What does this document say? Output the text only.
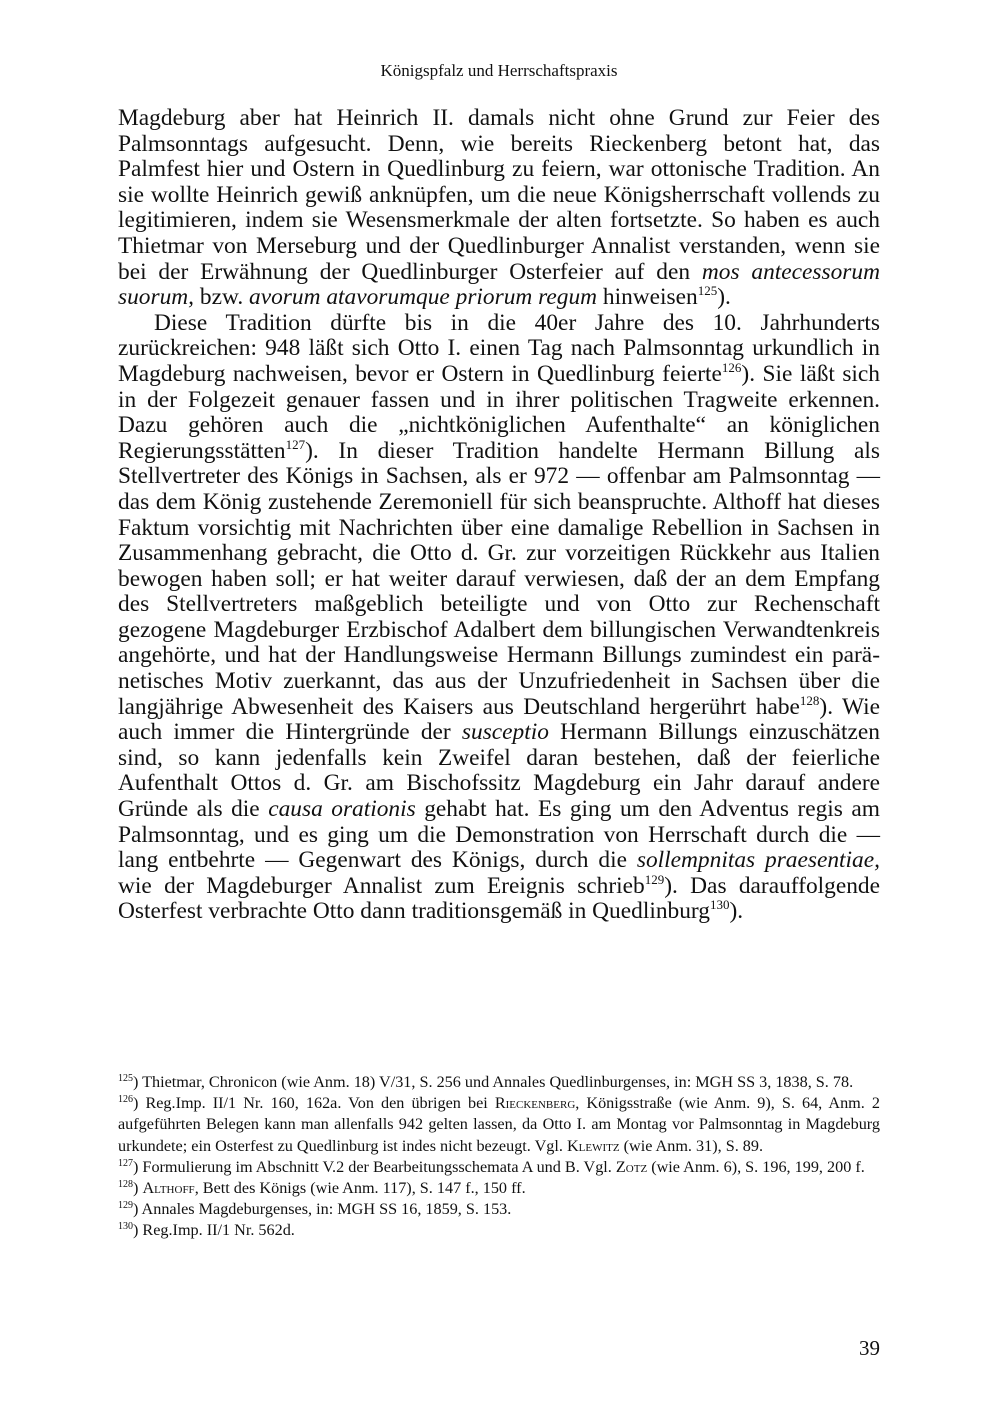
Königspfalz und Herrschaftspraxis

Magdeburg aber hat Heinrich II. damals nicht ohne Grund zur Feier des Palmsonntags aufgesucht. Denn, wie bereits Rieckenberg betont hat, das Palmfest hier und Ostern in Quedlinburg zu feiern, war ottonische Tradition. An sie wollte Heinrich gewiß anknüpfen, um die neue Königsherrschaft vollends zu legitimieren, indem sie Wesensmerkmale der alten fortsetzte. So haben es auch Thietmar von Merseburg und der Quedlinburger Annalist verstanden, wenn sie bei der Erwähnung der Quedlinburger Osterfeier auf den mos antecessorum suorum, bzw. avorum atavorumque priorum regum hinweisen$^{125}$).

Diese Tradition dürfte bis in die 40er Jahre des 10. Jahrhunderts zurückreichen: 948 läßt sich Otto I. einen Tag nach Palmsonntag urkundlich in Magdeburg nachweisen, bevor er Ostern in Quedlinburg feierte$^{126}$). Sie läßt sich in der Folgezeit genauer fassen und in ihrer politischen Tragweite erkennen. Dazu gehören auch die „nichtköniglichen Aufenthalte“ an königlichen Regierungsstätten$^{127}$). In dieser Tradition handelte Hermann Billung als Stellvertreter des Königs in Sachsen, als er 972 — offenbar am Palmsonntag — das dem König zustehende Zeremoniell für sich beanspruchte. Althoff hat dieses Faktum vorsichtig mit Nachrichten über eine damalige Rebellion in Sachsen in Zusammenhang gebracht, die Otto d. Gr. zur vorzeitigen Rückkehr aus Italien bewogen haben soll; er hat weiter darauf verwiesen, daß der an dem Empfang des Stellvertreters maßgeblich beteiligte und von Otto zur Rechenschaft gezogene Magdeburger Erzbischof Adalbert dem billungischen Verwandtenkreis angehörte, und hat der Handlungsweise Hermann Billungs zumindest ein paränetisches Motiv zuerkannt, das aus der Unzufriedenheit in Sachsen über die langjährige Abwesenheit des Kaisers aus Deutschland hergerührt habe$^{128}$). Wie auch immer die Hintergründe der susceptio Hermann Billungs einzuschätzen sind, so kann jedenfalls kein Zweifel daran bestehen, daß der feierliche Aufenthalt Ottos d. Gr. am Bischofssitz Magdeburg ein Jahr darauf andere Gründe als die causa orationis gehabt hat. Es ging um den Adventus regis am Palmsonntag, und es ging um die Demonstration von Herrschaft durch die — lang entbehrte — Gegenwart des Königs, durch die sollempnitas praesentiae, wie der Magdeburger Annalist zum Ereignis schrieb$^{129}$). Das darauffolgende Osterfest verbrachte Otto dann traditionsgemäß in Quedlinburg$^{130}$).

$^{125}$) Thietmar, Chronicon (wie Anm. 18) V/31, S. 256 und Annales Quedlinburgenses, in: MGH SS 3, 1838, S. 78.

$^{126}$) Reg.Imp. II/1 Nr. 160, 162a. Von den übrigen bei Rieckenberg, Königsstraße (wie Anm. 9), S. 64, Anm. 2 aufgeführten Belegen kann man allenfalls 942 gelten lassen, da Otto I. am Montag vor Palmsonntag in Magdeburg urkundete; ein Osterfest zu Quedlinburg ist indes nicht bezeugt. Vgl. Klewitz (wie Anm. 31), S. 89.

$^{127}$) Formulierung im Abschnitt V.2 der Bearbeitungsschemata A und B. Vgl. Zotz (wie Anm. 6), S. 196, 199, 200 f.

$^{128}$) Althoff, Bett des Königs (wie Anm. 117), S. 147 f., 150 ff.

$^{129}$) Annales Magdeburgenses, in: MGH SS 16, 1859, S. 153.

$^{130}$) Reg.Imp. II/1 Nr. 562d.

39
